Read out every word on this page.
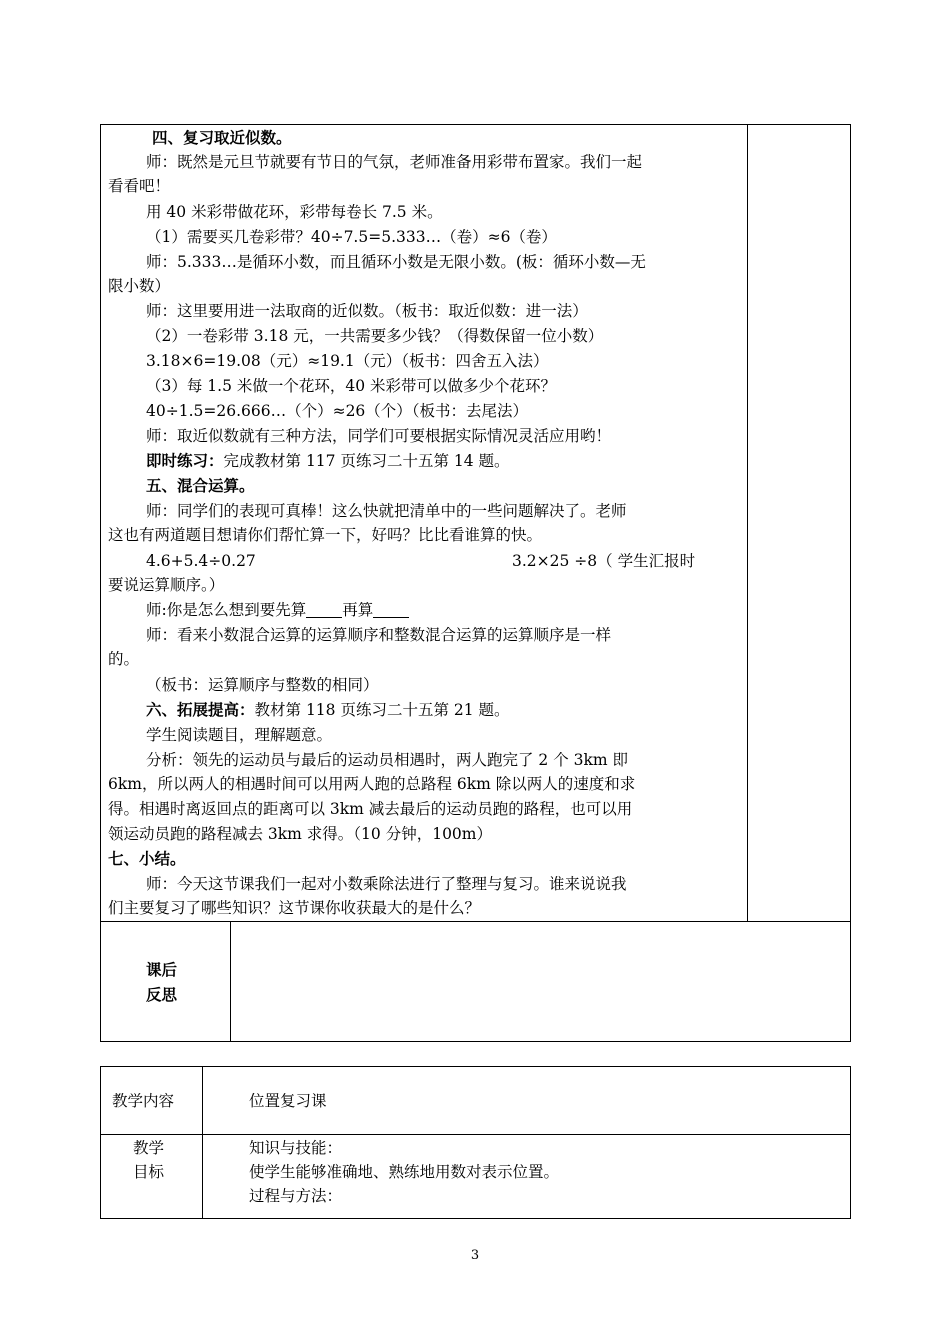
四、复习取近似数。
师：既然是元旦节就要有节日的气氛，老师准备用彩带布置家。我们一起
看看吧！
用 40 米彩带做花环，彩带每卷长 7.5 米。
（1）需要买几卷彩带？40÷7.5=5.333…（卷）≈6（卷）
师：5.333…是循环小数，而且循环小数是无限小数。(板：循环小数—无
限小数）
师：这里要用进一法取商的近似数。（板书：取近似数：进一法）
（2）一卷彩带 3.18 元，一共需要多少钱？（得数保留一位小数）
3.18×6=19.08（元）≈19.1（元）（板书：四舍五入法）
（3）每 1.5 米做一个花环，40 米彩带可以做多少个花环？
40÷1.5=26.666…（个）≈26（个）（板书：去尾法）
师：取近似数就有三种方法，同学们可要根据实际情况灵活应用哟！
即时练习：完成教材第 117 页练习二十五第 14 题。
五、混合运算。
师：同学们的表现可真棒！这么快就把清单中的一些问题解决了。老师
这也有两道题目想请你们帮忙算一下，好吗？比比看谁算的快。
4.6+5.4÷0.27	3.2×25 ÷8（ 学生汇报时
要说运算顺序。）
师:你是怎么想到要先算 再算
师：看来小数混合运算的运算顺序和整数混合运算的运算顺序是一样
的。
（板书：运算顺序与整数的相同）
六、拓展提高：教材第 118 页练习二十五第 21 题。
学生阅读题目，理解题意。
分析：领先的运动员与最后的运动员相遇时，两人跑完了 2 个 3km 即
6km，所以两人的相遇时间可以用两人跑的总路程 6km 除以两人的速度和求
得。相遇时离返回点的距离可以 3km 减去最后的运动员跑的路程，也可以用
领运动员跑的路程减去 3km 求得。（10 分钟，100m）
七、小结。
师：今天这节课我们一起对小数乘除法进行了整理与复习。谁来说说我
们主要复习了哪些知识？这节课你收获最大的是什么？
课后
反思
教学内容	位置复习课
教学
目标
知识与技能：
使学生能够准确地、熟练地用数对表示位置。
过程与方法：
3
